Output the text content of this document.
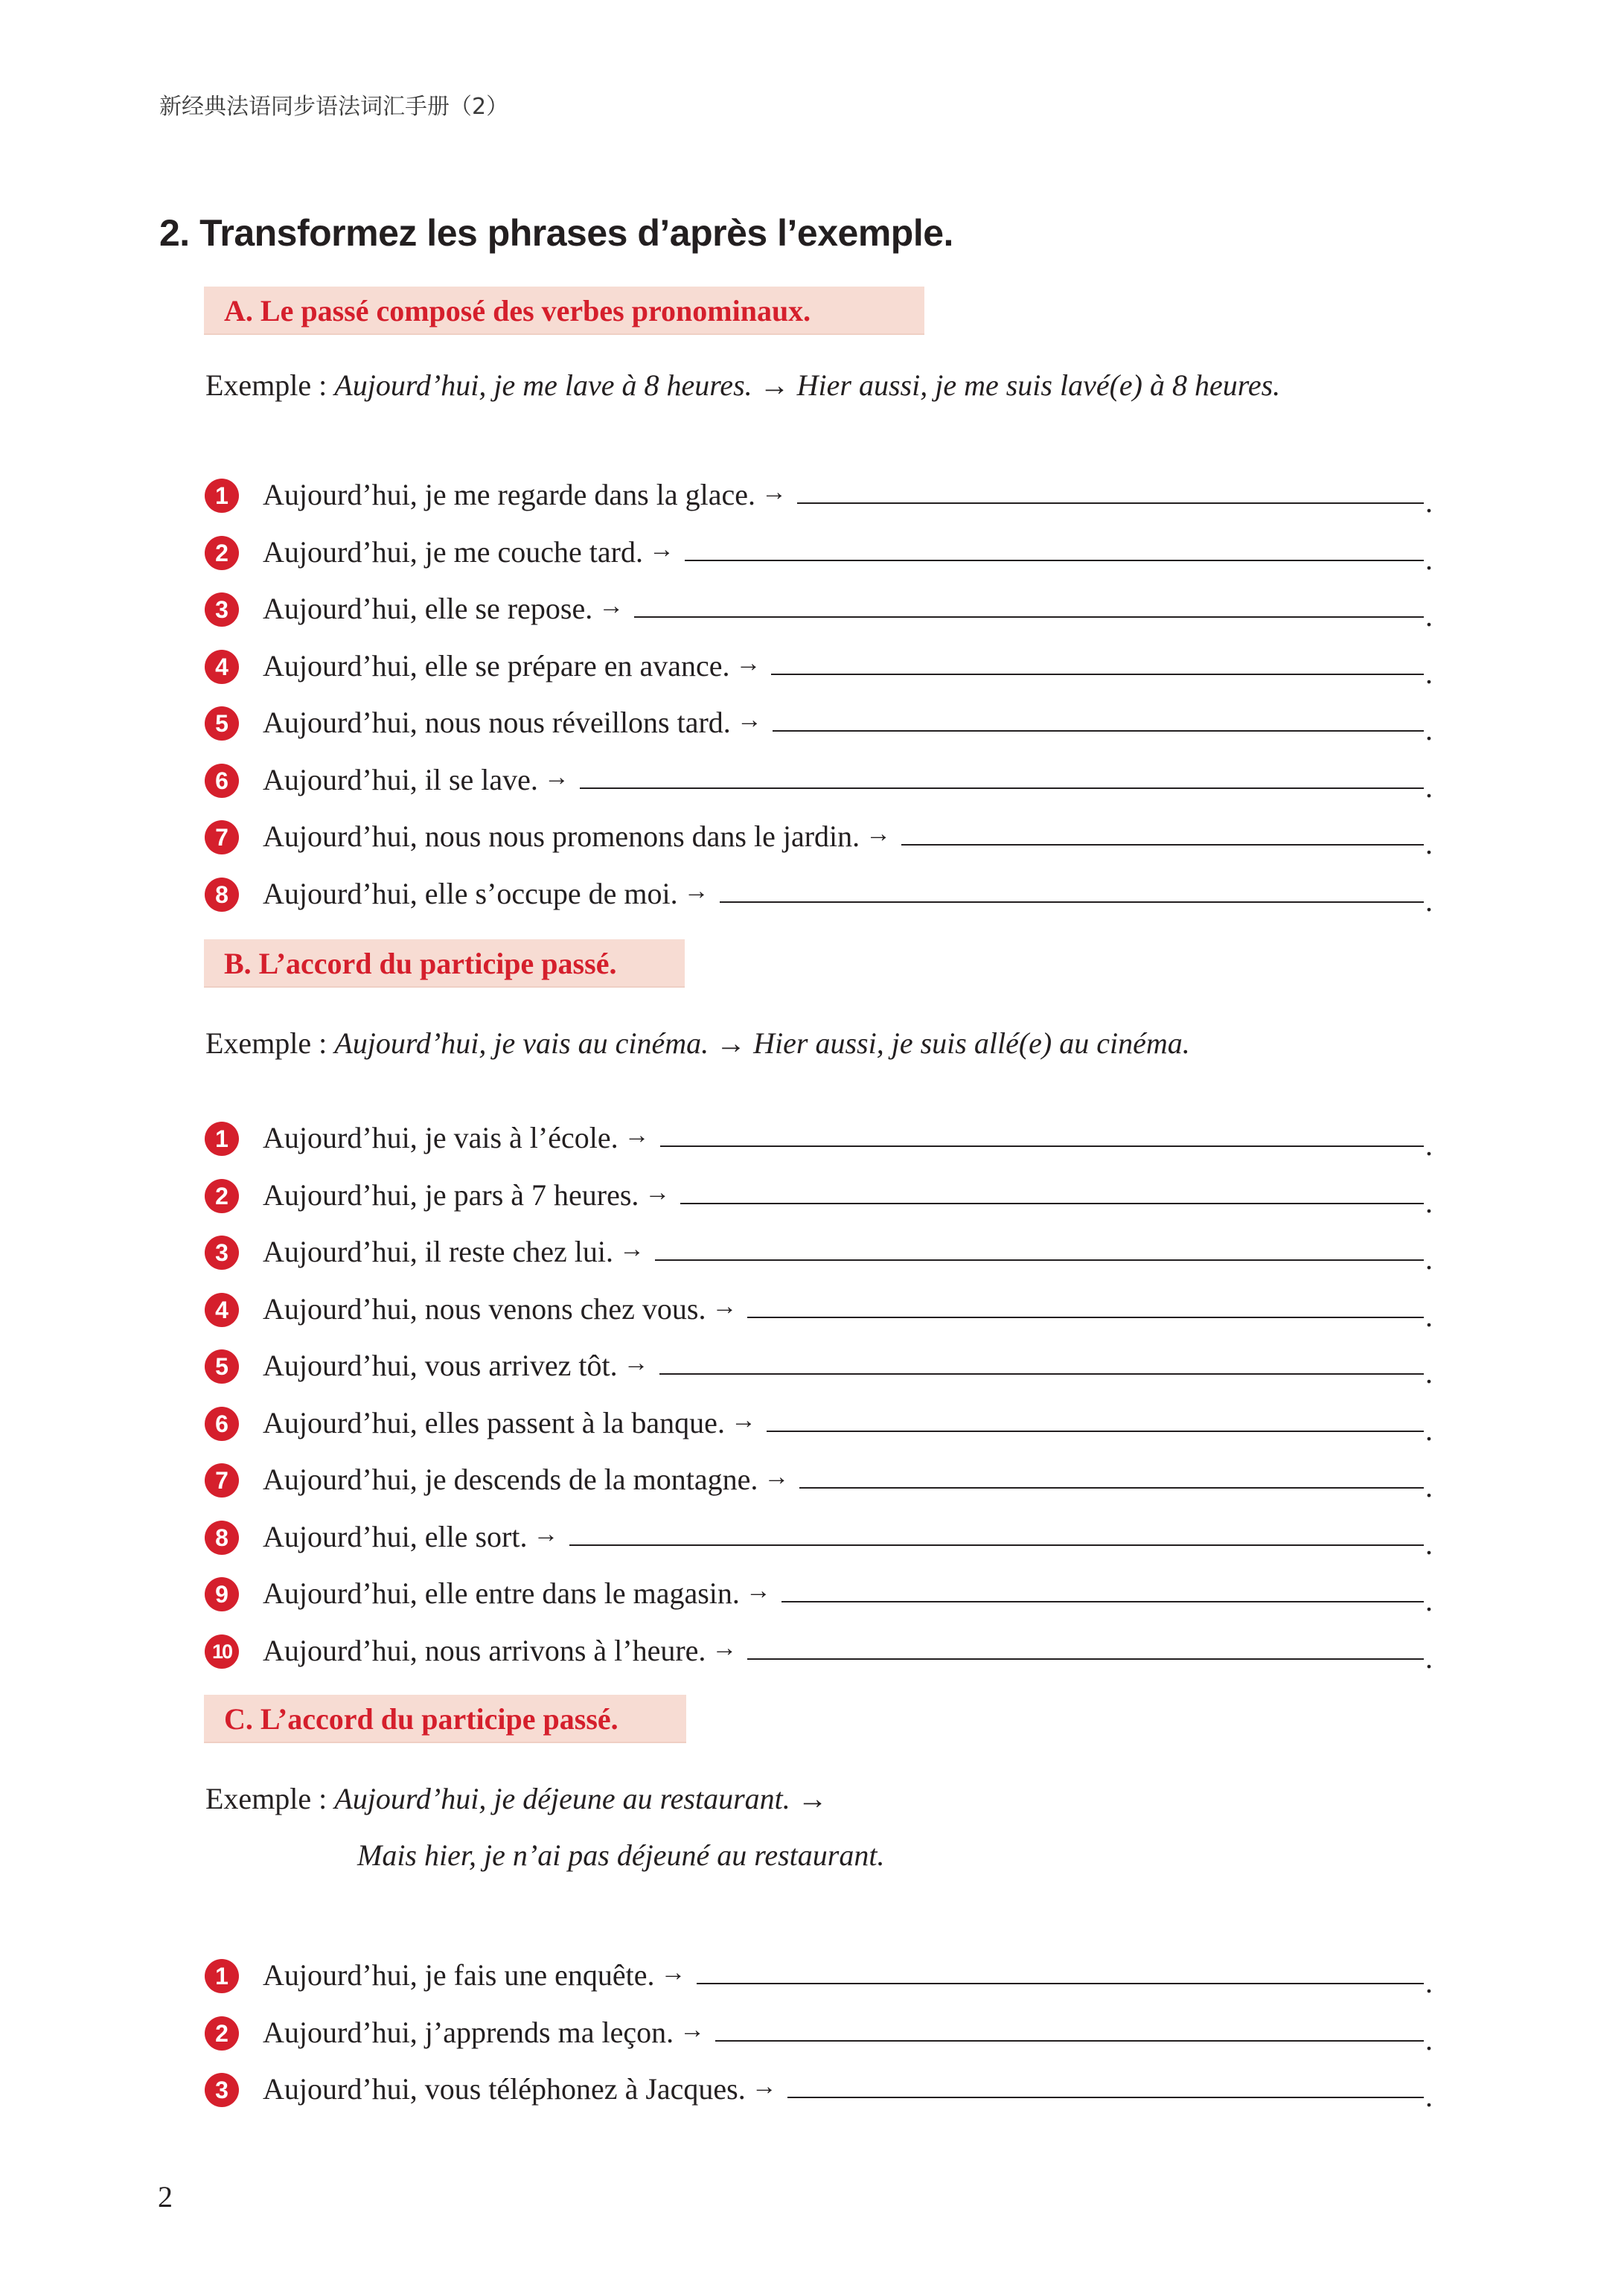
新经典法语同步语法词汇手册（2）
2. Transformez les phrases d’après l’exemple.
A. Le passé composé des verbes pronominaux.
Exemple : Aujourd’hui, je me lave à 8 heures. → Hier aussi, je me suis lavé(e) à 8 heures.
1	Aujourd’hui, je me regarde dans la glace. →	.
2	Aujourd’hui, je me couche tard. →	.
3	Aujourd’hui, elle se repose. →	.
4	Aujourd’hui, elle se prépare en avance. →	.
5	Aujourd’hui, nous nous réveillons tard. →	.
6	Aujourd’hui, il se lave. →	.
7	Aujourd’hui, nous nous promenons dans le jardin. →	.
8	Aujourd’hui, elle s’occupe de moi. →	.
B. L’accord du participe passé.
Exemple : Aujourd’hui, je vais au cinéma. → Hier aussi, je suis allé(e) au cinéma.
1	Aujourd’hui, je vais à l’école. →	.
2	Aujourd’hui, je pars à 7 heures. →	.
3	Aujourd’hui, il reste chez lui. →	.
4	Aujourd’hui, nous venons chez vous. →	.
5	Aujourd’hui, vous arrivez tôt. →	.
6	Aujourd’hui, elles passent à la banque. →	.
7	Aujourd’hui, je descends de la montagne. →	.
8	Aujourd’hui, elle sort. →	.
9	Aujourd’hui, elle entre dans le magasin. →	.
10 Aujourd’hui, nous arrivons à l’heure. →	.
C. L’accord du participe passé.
Exemple : Aujourd’hui, je déjeune au restaurant. →
Mais hier, je n’ai pas déjeuné au restaurant.
1	Aujourd’hui, je fais une enquête. →	.
2	Aujourd’hui, j’apprends ma leçon. →	.
3	Aujourd’hui, vous téléphonez à Jacques. →	.
2
